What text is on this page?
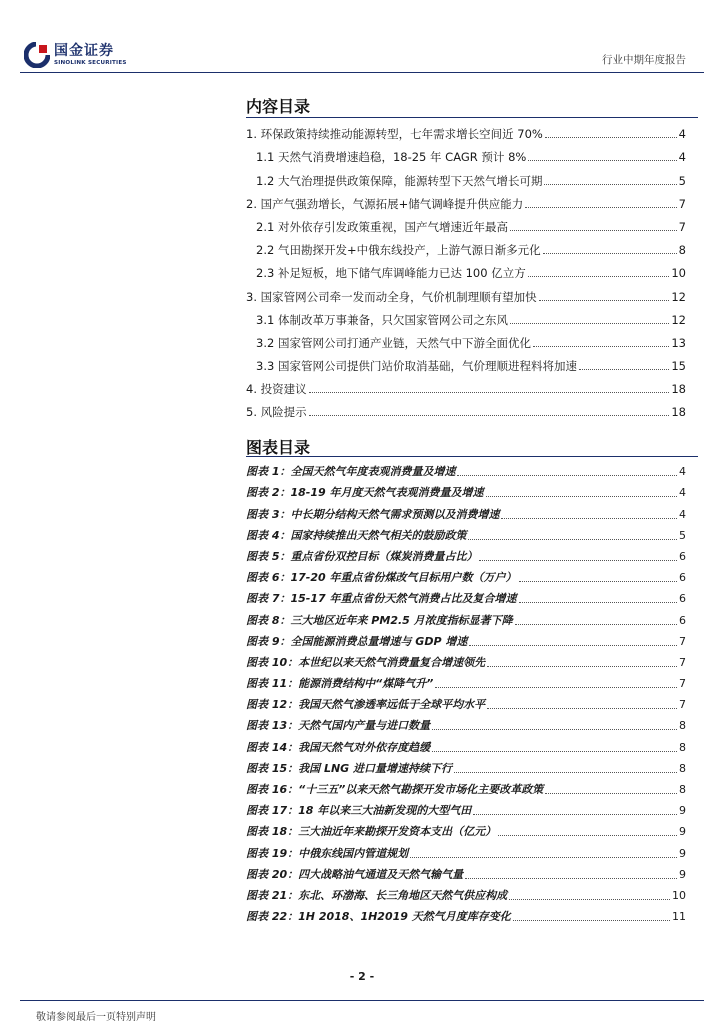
国金证券
SINOLINK SECURITIES	行业中期年度报告
内容目录
1. 环保政策持续推动能源转型，七年需求增长空间近 70%	4
1.1 天然气消费增速趋稳，18-25 年 CAGR 预计 8%	4
1.2 大气治理提供政策保障，能源转型下天然气增长可期	5
2. 国产气强劲增长，气源拓展+储气调峰提升供应能力	7
2.1 对外依存引发政策重视，国产气增速近年最高	7
2.2 气田勘探开发+中俄东线投产，上游气源日渐多元化	8
2.3 补足短板，地下储气库调峰能力已达 100 亿立方	10
3. 国家管网公司牵一发而动全身，气价机制理顺有望加快	12
3.1 体制改革万事兼备，只欠国家管网公司之东风	12
3.2 国家管网公司打通产业链，天然气中下游全面优化	13
3.3 国家管网公司提供门站价取消基础，气价理顺进程料将加速	15
4. 投资建议	18
5. 风险提示	18
图表目录
图表 1：全国天然气年度表观消费量及增速	4
图表 2：18-19 年月度天然气表观消费量及增速	4
图表 3：中长期分结构天然气需求预测以及消费增速	4
图表 4：国家持续推出天然气相关的鼓励政策	5
图表 5：重点省份双控目标（煤炭消费量占比）	6
图表 6：17-20 年重点省份煤改气目标用户数（万户）	6
图表 7：15-17 年重点省份天然气消费占比及复合增速	6
图表 8：三大地区近年来 PM2.5 月浓度指标显著下降	6
图表 9：全国能源消费总量增速与 GDP 增速	7
图表 10：本世纪以来天然气消费量复合增速领先	7
图表 11：能源消费结构中“煤降气升”	7
图表 12：我国天然气渗透率远低于全球平均水平	7
图表 13：天然气国内产量与进口数量	8
图表 14：我国天然气对外依存度趋缓	8
图表 15：我国 LNG 进口量增速持续下行	8
图表 16：“十三五”以来天然气勘探开发市场化主要改革政策	8
图表 17：18 年以来三大油新发现的大型气田	9
图表 18：三大油近年来勘探开发资本支出（亿元）	9
图表 19：中俄东线国内管道规划	9
图表 20：四大战略油气通道及天然气输气量	9
图表 21：东北、环渤海、长三角地区天然气供应构成	10
图表 22：1H 2018、1H2019 天然气月度库存变化	11
- 2 -
敬请参阅最后一页特别声明
